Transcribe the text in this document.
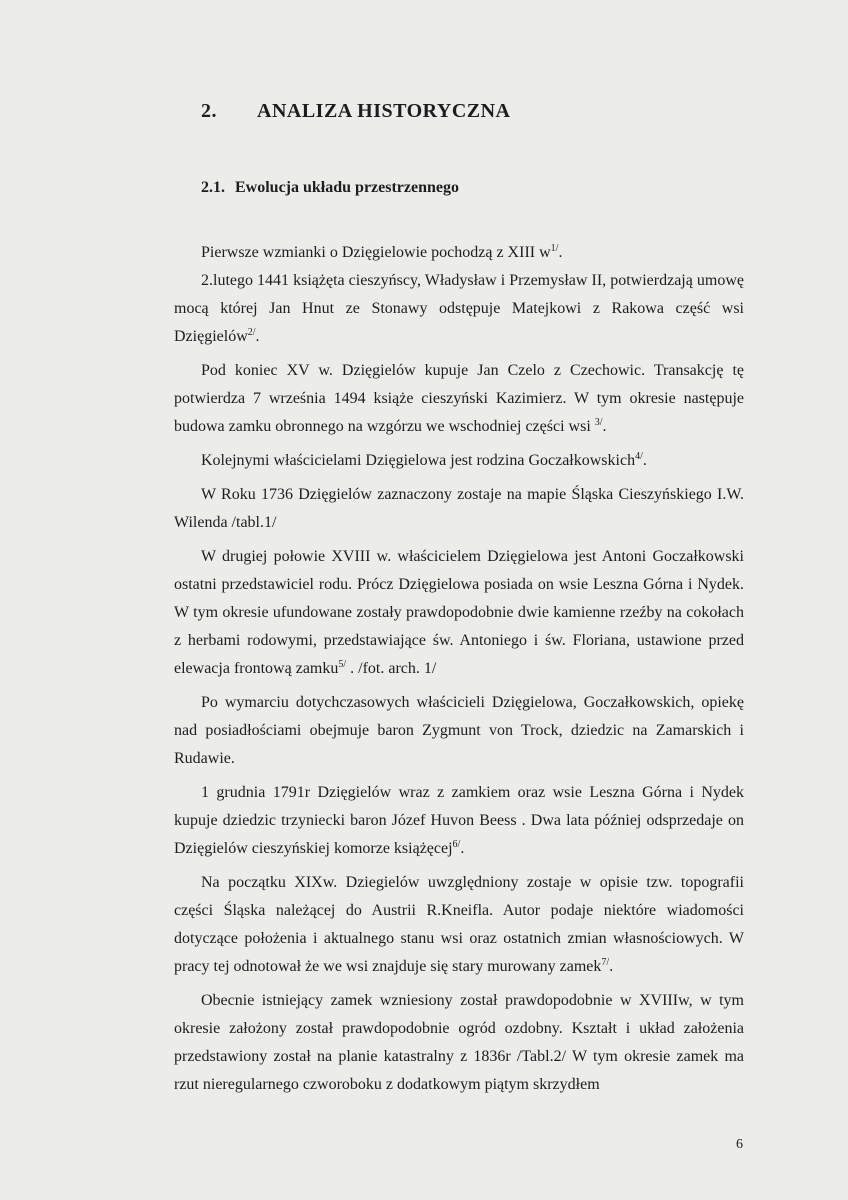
2. ANALIZA HISTORYCZNA
2.1. Ewolucja układu przestrzennego

Pierwsze wzmianki o Dzięgielowie pochodzą z XIII $w^{1/}$.

2.lutego 1441 książęta cieszyńscy, Władysław i Przemysław II, potwierdzają umowę mocą której Jan Hnut ze Stonawy odstępuje Matejkowi z Rakowa część wsi Dzięgielów$^{2/}$.

Pod koniec XV w. Dzięgielów kupuje Jan Czelo z Czechowic. Transakcję tę potwierdza 7 września 1494 książe cieszyński Kazimierz. W tym okresie następuje budowa zamku obronnego na wzgórzu we wschodniej części wsi $^{3/}$.

Kolejnymi właścicielami Dzięgielowa jest rodzina Goczałkowskich$^{4/}$.

W Roku 1736 Dzięgielów zaznaczony zostaje na mapie Śląska Cieszyńskiego I.W. Wilenda /tabl.1/

W drugiej połowie XVIII w. właścicielem Dzięgielowa jest Antoni Goczałkowski ostatni przedstawiciel rodu. Prócz Dzięgielowa posiada on wsie Leszna Górna i Nydek. W tym okresie ufundowane zostały prawdopodobnie dwie kamienne rzeźby na cokołach z herbami rodowymi, przedstawiające św. Antoniego i św. Floriana, ustawione przed elewacja frontową zamku$^{5/}$ . /fot. arch. 1/

Po wymarciu dotychczasowych właścicieli Dzięgielowa, Goczałkowskich, opiekę nad posiadłościami obejmuje baron Zygmunt von Trock, dziedzic na Zamarskich i Rudawie.

1 grudnia 1791r Dzięgielów wraz z zamkiem oraz wsie Leszna Górna i Nydek kupuje dziedzic trzyniecki baron Józef Huvon Beess . Dwa lata później odsprzedaje on Dzięgielów cieszyńskiej komorze książęcej$^{6/}$.

Na początku XIXw. Dziegielów uwzględniony zostaje w opisie tzw. topografii części Śląska należącej do Austrii R.Kneifla. Autor podaje niektóre wiadomości dotyczące położenia i aktualnego stanu wsi oraz ostatnich zmian własnościowych. W pracy tej odnotował że we wsi znajduje się stary murowany zamek$^{7/}$.

Obecnie istniejący zamek wzniesiony został prawdopodobnie w XVIIIw, w tym okresie założony został prawdopodobnie ogród ozdobny. Kształt i układ założenia przedstawiony został na planie katastralny z 1836r /Tabl.2/ W tym okresie zamek ma rzut nieregularnego czworoboku z dodatkowym piątym skrzydłem

6
